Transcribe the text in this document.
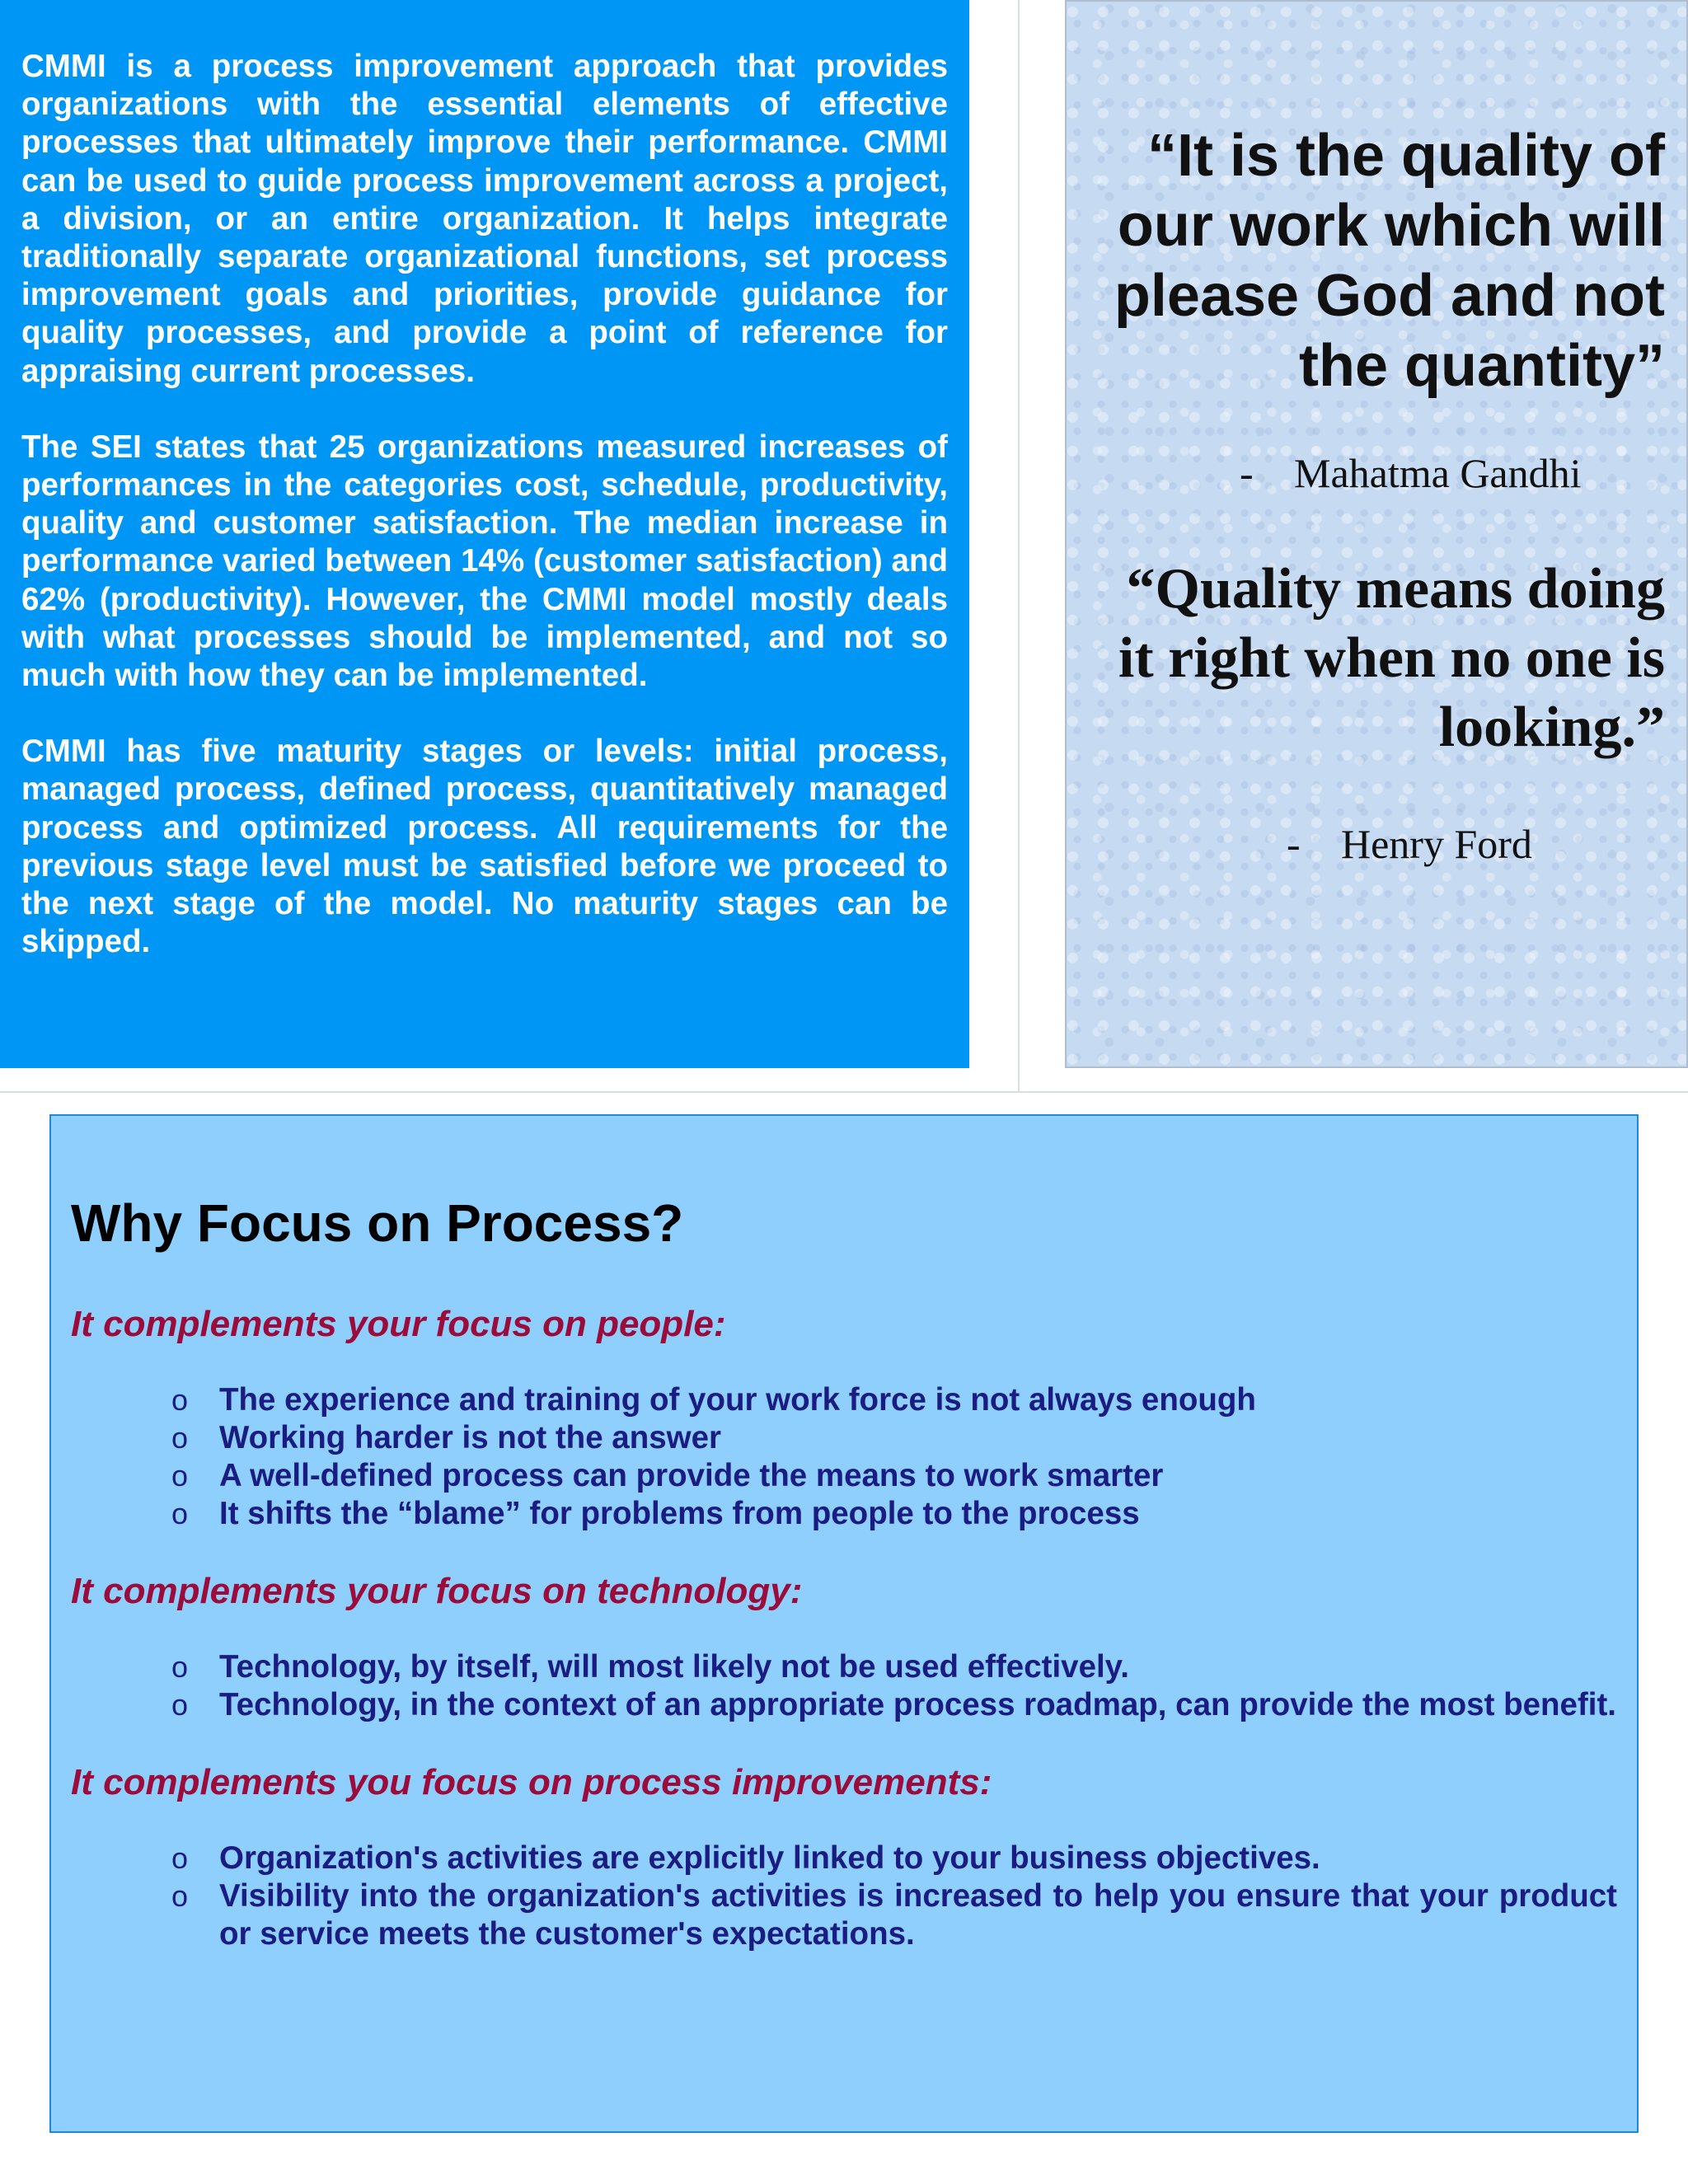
CMMI is a process improvement approach that provides organizations with the essential elements of effective processes that ultimately improve their performance. CMMI can be used to guide process improvement across a project, a division, or an entire organization. It helps integrate traditionally separate organizational functions, set process improvement goals and priorities, provide guidance for quality processes, and provide a point of reference for appraising current processes.

The SEI states that 25 organizations measured increases of performances in the categories cost, schedule, productivity, quality and customer satisfaction. The median increase in performance varied between 14% (customer satisfaction) and 62% (productivity). However, the CMMI model mostly deals with what processes should be implemented, and not so much with how they can be implemented.

CMMI has five maturity stages or levels: initial process, managed process, defined process, quantitatively managed process and optimized process. All requirements for the previous stage level must be satisfied before we proceed to the next stage of the model. No maturity stages can be skipped.

“It is the quality of our work which will please God and not the quantity”
- Mahatma Gandhi
“Quality means doing it right when no one is looking.”
- Henry Ford
Why Focus on Process?

It complements your focus on people:

o The experience and training of your work force is not always enough
o Working harder is not the answer
o A well-defined process can provide the means to work smarter
o It shifts the “blame” for problems from people to the process

It complements your focus on technology:

o Technology, by itself, will most likely not be used effectively.
o Technology, in the context of an appropriate process roadmap, can provide the most benefit.

It complements you focus on process improvements:

o Organization's activities are explicitly linked to your business objectives.
o Visibility into the organization's activities is increased to help you ensure that your product or service meets the customer's expectations.
